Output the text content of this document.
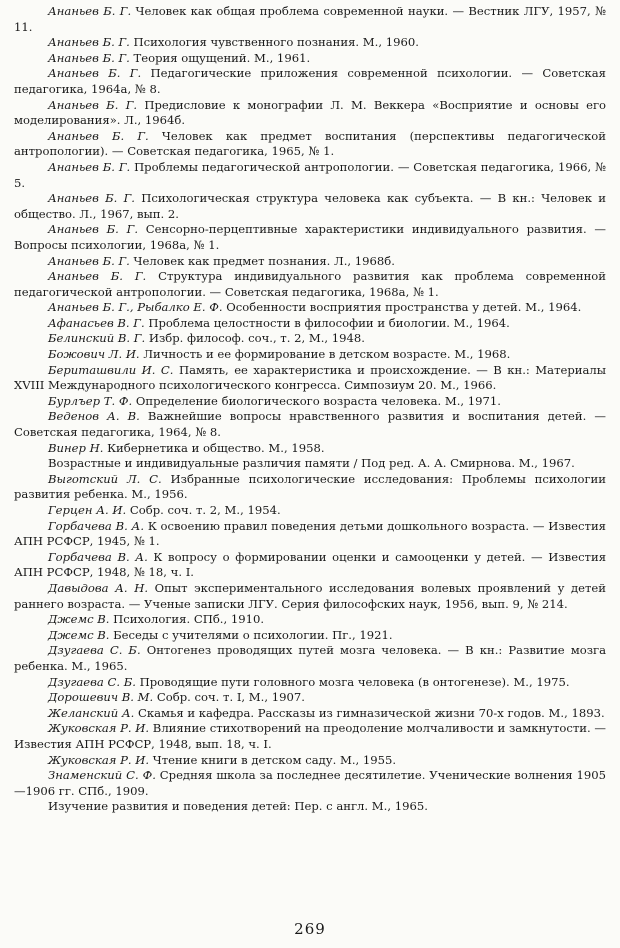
Ананьев Б. Г. Человек как общая проблема современной науки. — Вестник ЛГУ, 1957, № 11.

Ананьев Б. Г. Психология чувственного познания. М., 1960.

Ананьев Б. Г. Теория ощущений. М., 1961.

Ананьев Б. Г. Педагогические приложения современной психологии. — Советская педагогика, 1964а, № 8.

Ананьев Б. Г. Предисловие к монографии Л. М. Веккера «Восприятие и основы его моделирования». Л., 1964б.

Ананьев Б. Г. Человек как предмет воспитания (перспективы педагогической антропологии). — Советская педагогика, 1965, № 1.

Ананьев Б. Г. Проблемы педагогической антропологии. — Советская педагогика, 1966, № 5.

Ананьев Б. Г. Психологическая структура человека как субъекта. — В кн.: Человек и общество. Л., 1967, вып. 2.

Ананьев Б. Г. Сенсорно-перцептивные характеристики индивидуального развития. — Вопросы психологии, 1968а, № 1.

Ананьев Б. Г. Человек как предмет познания. Л., 1968б.

Ананьев Б. Г. Структура индивидуального развития как проблема современной педагогической антропологии. — Советская педагогика, 1968а, № 1.

Ананьев Б. Г., Рыбалко Е. Ф. Особенности восприятия пространства у детей. М., 1964.

Афанасьев В. Г. Проблема целостности в философии и биологии. М., 1964.

Белинский В. Г. Избр. философ. соч., т. 2, М., 1948.

Божович Л. И. Личность и ее формирование в детском возрасте. М., 1968.

Бериташвили И. С. Память, ее характеристика и происхождение. — В кн.: Материалы XVIII Международного психологического конгресса. Симпозиум 20. М., 1966.

Бурлъер Т. Ф. Определение биологического возраста человека. М., 1971.

Веденов А. В. Важнейшие вопросы нравственного развития и воспитания детей. — Советская педагогика, 1964, № 8.

Винер Н. Кибернетика и общество. М., 1958.

Возрастные и индивидуальные различия памяти / Под ред. А. А. Смирнова. М., 1967.

Выготский Л. С. Избранные психологические исследования: Проблемы психологии развития ребенка. М., 1956.

Герцен А. И. Собр. соч. т. 2, М., 1954.

Горбачева В. А. К освоению правил поведения детьми дошкольного возраста. — Известия АПН РСФСР, 1945, № 1.

Горбачева В. А. К вопросу о формировании оценки и самооценки у детей. — Известия АПН РСФСР, 1948, № 18, ч. I.

Давыдова А. Н. Опыт экспериментального исследования волевых проявлений у детей раннего возраста. — Ученые записки ЛГУ. Серия философских наук, 1956, вып. 9, № 214.

Джемс В. Психология. СПб., 1910.

Джемс В. Беседы с учителями о психологии. Пг., 1921.

Дзугаева С. Б. Онтогенез проводящих путей мозга человека. — В кн.: Развитие мозга ребенка. М., 1965.

Дзугаева С. Б. Проводящие пути головного мозга человека (в онтогенезе). М., 1975.

Дорошевич В. М. Собр. соч. т. I, М., 1907.

Желанский А. Скамья и кафедра. Рассказы из гимназической жизни 70-х годов. М., 1893.

Жуковская Р. И. Влияние стихотворений на преодоление молчаливости и замкнутости. — Известия АПН РСФСР, 1948, вып. 18, ч. I.

Жуковская Р. И. Чтение книги в детском саду. М., 1955.

Знаменский С. Ф. Средняя школа за последнее десятилетие. Ученические волнения 1905—1906 гг. СПб., 1909.

Изучение развития и поведения детей: Пер. с англ. М., 1965.

269
